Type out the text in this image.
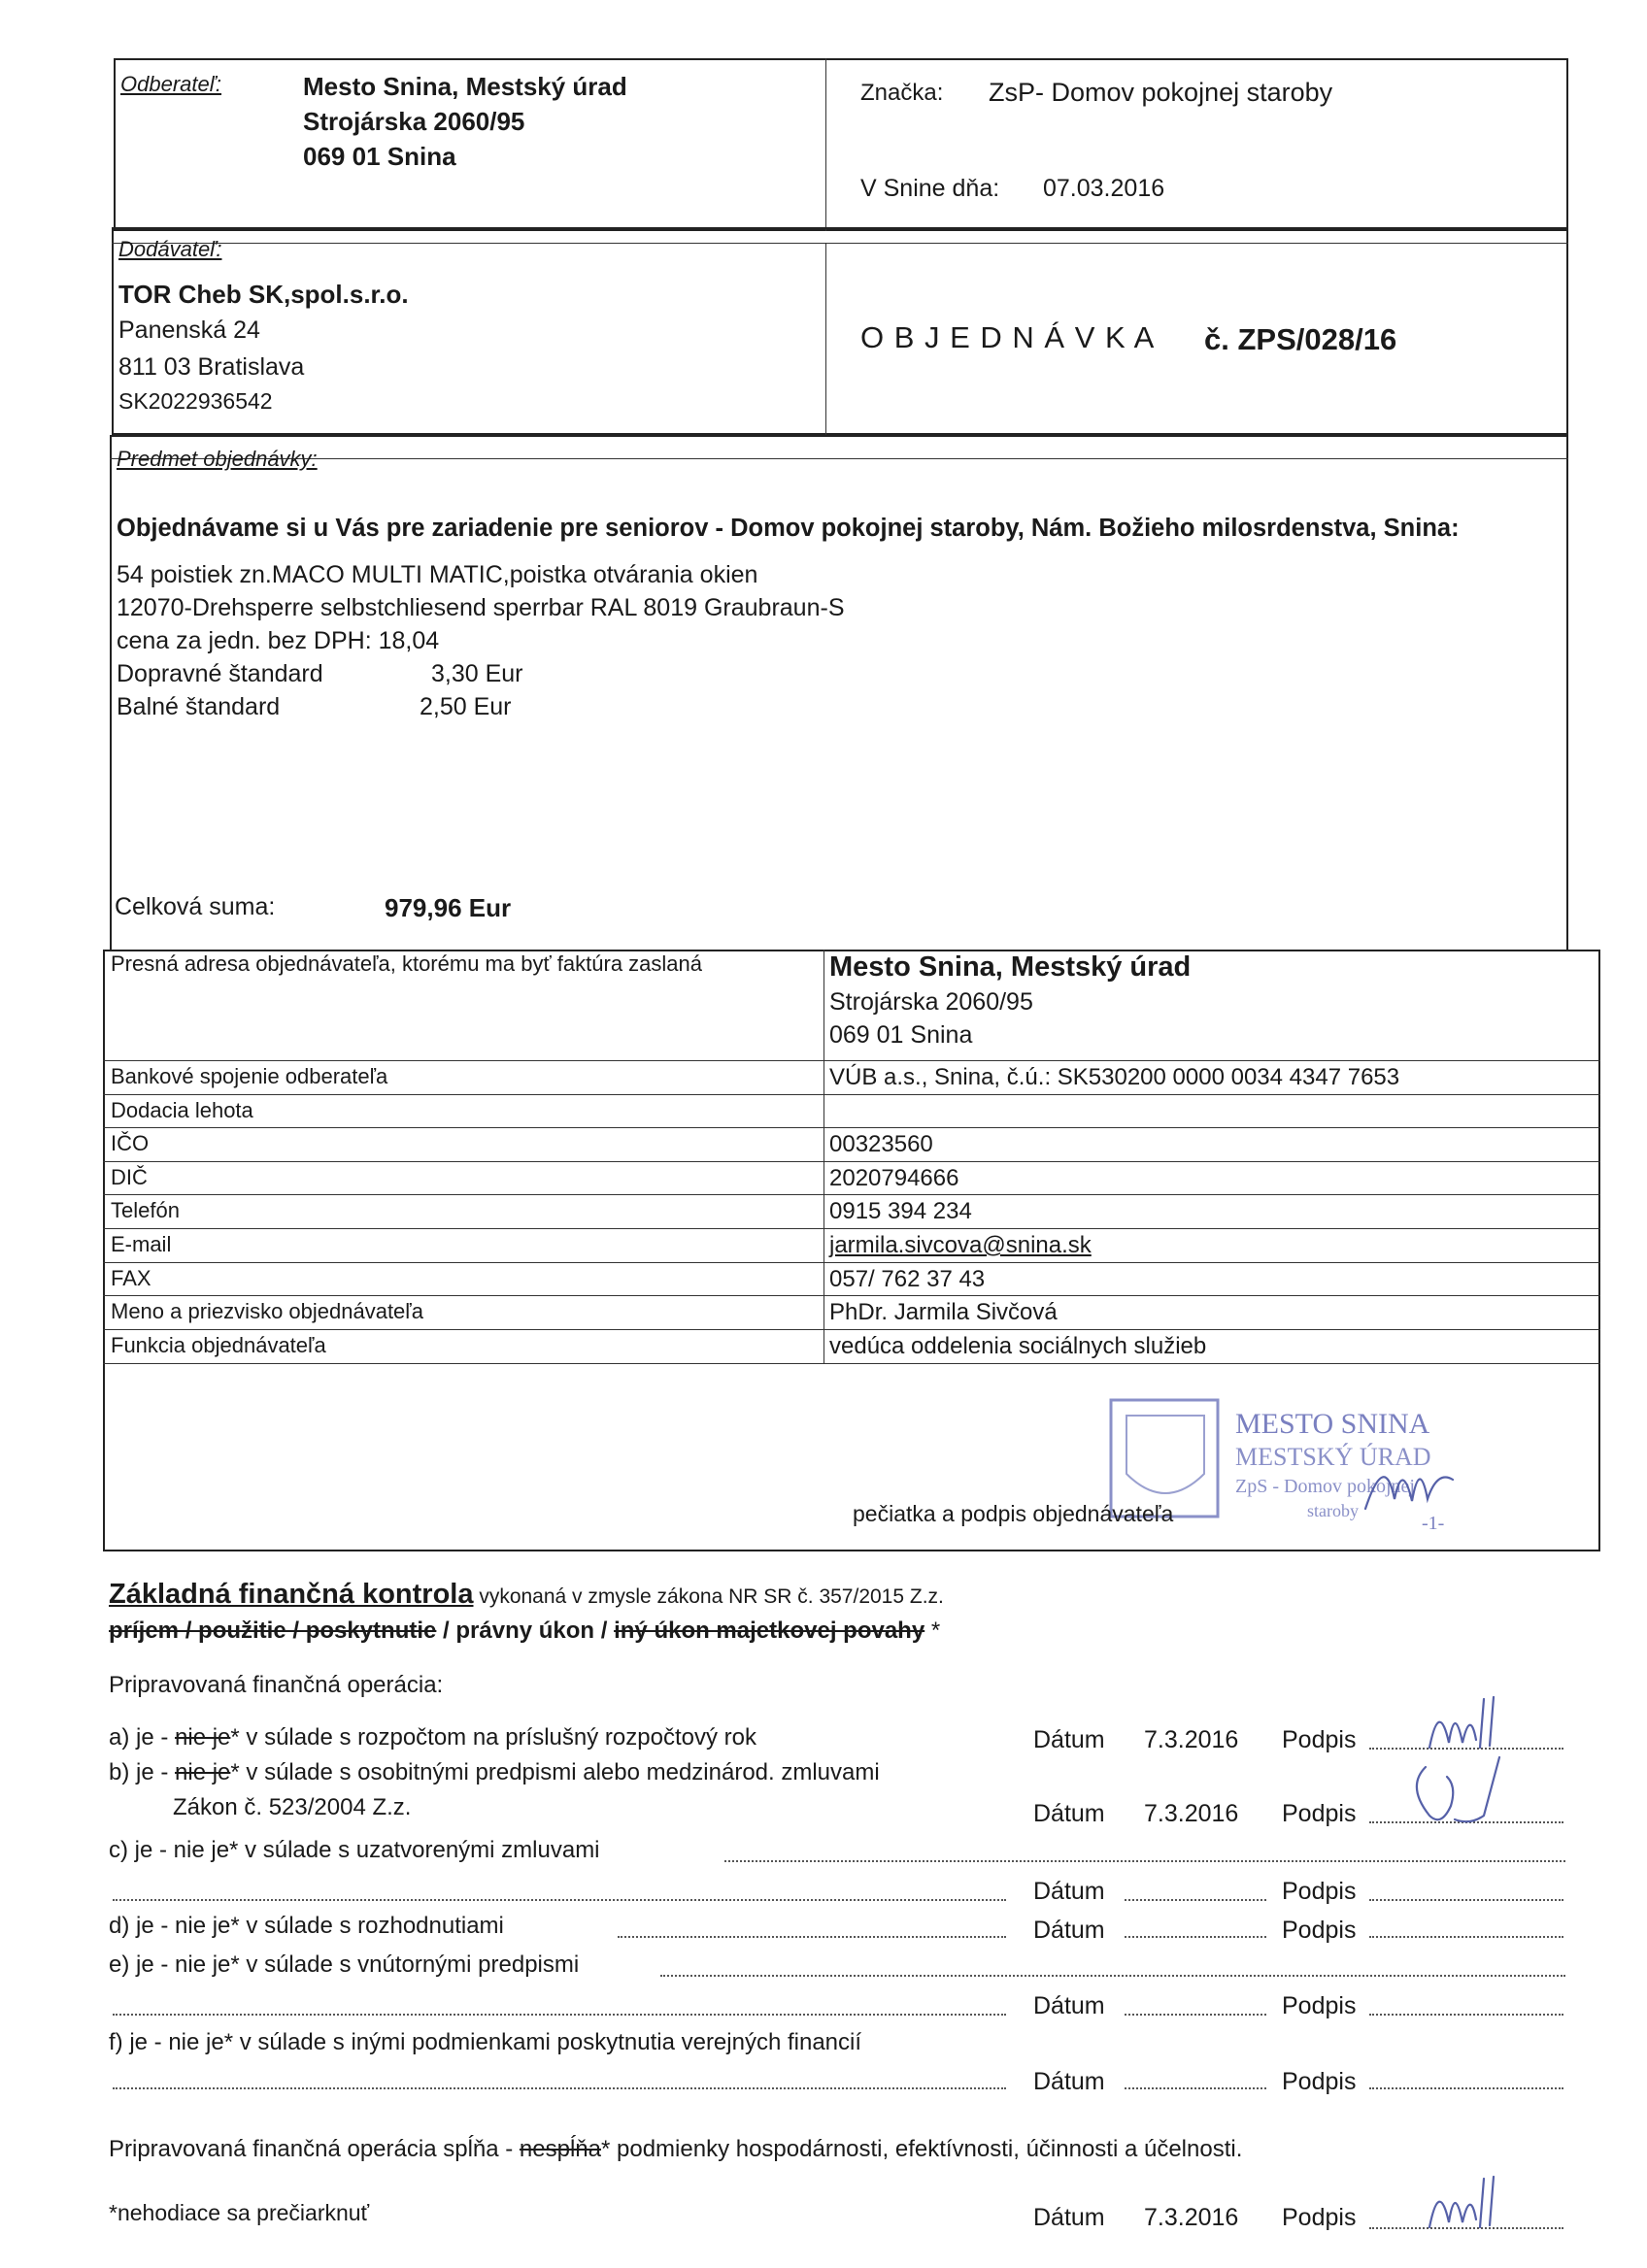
Odberateľ:	Mesto Snina, Mestský úrad
Strojárska 2060/95
069 01 Snina
Značka: ZsP- Domov pokojnej staroby
V Snine dňa: 07.03.2016
Dodávateľ:
TOR Cheb SK,spol.s.r.o.
Panenská 24
811 03 Bratislava
SK2022936542
O B J E D N Á V K A č. ZPS/028/16
Predmet objednávky:
Objednávame si u Vás pre zariadenie pre seniorov - Domov pokojnej staroby, Nám. Božieho milosrdenstva, Snina:
54 poistiek zn.MACO MULTI MATIC,poistka otvárania okien
12070-Drehsperre selbstchliesend sperrbar RAL 8019 Graubraun-S
cena za jedn. bez DPH: 18,04
Dopravné štandard	3,30 Eur
Balné štandard	2,50 Eur
Celková suma:	979,96 Eur
Presná adresa objednávateľa, ktorému ma byť faktúra zaslaná	Mesto Snina, Mestský úrad
Strojárska 2060/95
069 01 Snina
Bankové spojenie odberateľa	VÚB a.s., Snina, č.ú.: SK530200 0000 0034 4347 7653
Dodacia lehota
IČO	00323560
DIČ	2020794666
Telefón	0915 394 234
E-mail	jarmila.sivcova@snina.sk
FAX	057/ 762 37 43
Meno a priezvisko objednávateľa	PhDr. Jarmila Sivčová
Funkcia objednávateľa	vedúca oddelenia sociálnych služieb
MESTO SNINA
MESTSKÝ ÚRAD
ZpS - Domov pokojnej
staroby
-1-
pečiatka a podpis objednávateľa
Základná finančná kontrola vykonaná v zmysle zákona NR SR č. 357/2015 Z.z.
príjem / použitie / poskytnutie / právny úkon / iný úkon majetkovej povahy *
Pripravovaná finančná operácia:
a) je - nie je* v súlade s rozpočtom na príslušný rozpočtový rok	Dátum 7.3.2016 Podpis
b) je - nie je* v súlade s osobitnými predpismi alebo medzinárod. zmluvami
Zákon č. 523/2004 Z.z.	Dátum 7.3.2016 Podpis
c) je - nie je* v súlade s uzatvorenými zmluvami
Dátum	Podpis
d) je - nie je* v súlade s rozhodnutiami	Dátum	Podpis
e) je - nie je* v súlade s vnútornými predpismi
Dátum	Podpis
f) je - nie je* v súlade s inými podmienkami poskytnutia verejných financií
Dátum	Podpis
Pripravovaná finančná operácia spĺňa - nespĺňa* podmienky hospodárnosti, efektívnosti, účinnosti a účelnosti.
*nehodiace sa prečiarknuť	Dátum 7.3.2016 Podpis
